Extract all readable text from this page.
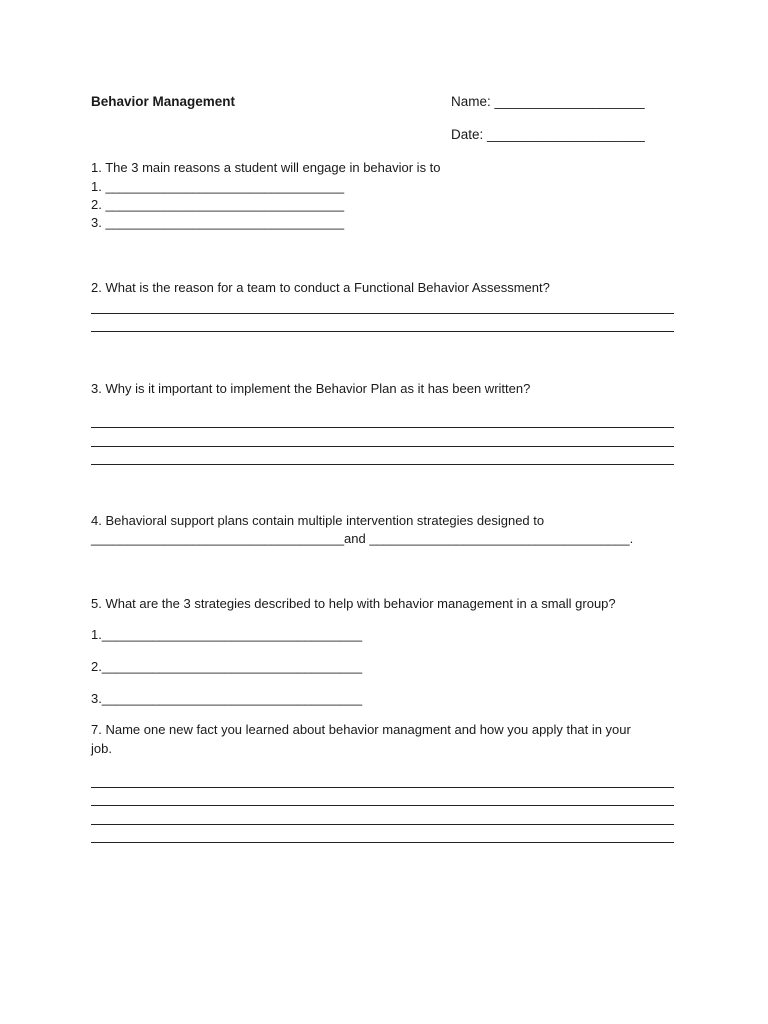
Behavior Management	Name: ____________________
Date: _____________________
1. The 3 main reasons a student will engage in behavior is to
1. _________________________________
2. _________________________________
3. _________________________________
2. What is the reason for a team to conduct a Functional Behavior Assessment?
3. Why is it important to implement the Behavior Plan as it has been written?
4. Behavioral support plans contain multiple intervention strategies designed to
___________________________________and ____________________________________.
5. What are the 3 strategies described to help with behavior management in a small group?
1.____________________________________
2.____________________________________
3.____________________________________
7. Name one new fact you learned about behavior managment and how you apply that in your
job.
